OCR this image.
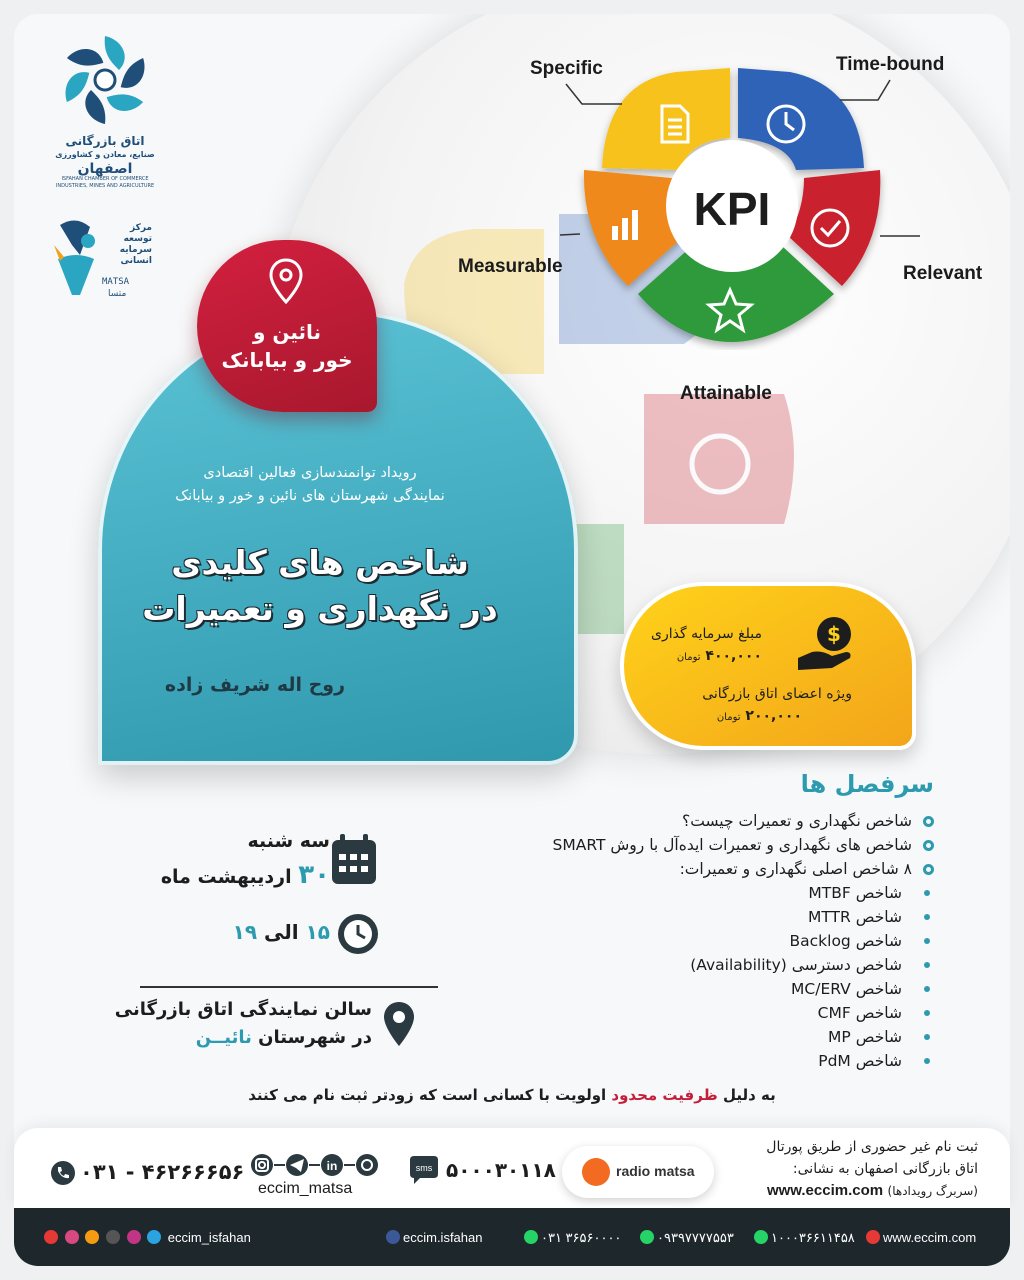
اتاق بازرگانی
صنایع، معادن و کشاورزی
اصفهان
ISFAHAN CHAMBER OF COMMERCE
INDUSTRIES, MINES AND AGRICULTURE
مرکز توسعه سرمایه انسانی
MATSA
متسا
KPI
Specific	Time-bound
Measurable	Relevant
Attainable
رویداد توانمندسازی فعالین اقتصادی
نمایندگی شهرستان های نائین و خور و بیابانک
شاخص های کلیدی
در نگهداری و تعمیرات
روح اله شریف زاده
نائین و
خور و بیابانک
مبلغ سرمایه گذاری
۴۰۰,۰۰۰ تومان
ویژه اعضای اتاق بازرگانی
۲۰۰,۰۰۰ تومان
$
سه شنبه
۳۰ اردیبهشت ماه
۱۵ الی ۱۹
سالن نمایندگی اتاق بازرگانی
در شهرستان نائیــن
سرفصل ها
شاخص نگهداری و تعمیرات چیست؟
شاخص های نگهداری و تعمیرات ایده‌آل با روش SMART
۸ شاخص اصلی نگهداری و تعمیرات:
شاخص MTBF
شاخص MTTR
شاخص Backlog
شاخص دسترسی (Availability)
شاخص MC/ERV
شاخص CMF
شاخص MP
شاخص PdM
به دلیل ظرفیت محدود اولویت با کسانی است که زودتر ثبت نام می کنند
ثبت نام غیر حضوری از طریق پورتال
اتاق بازرگانی اصفهان به نشانی:
(سربرگ رویدادها) www.eccim.com
radio matsa
sms ۵۰۰۰۳۰۱۱۸
in
eccim_matsa
۰۳۱ - ۴۶۲۶۶۶۵۶
eccim_isfahan	eccim.isfahan	۰۳۱ ۳۶۵۶۰۰۰۰	۰۹۳۹۷۷۷۷۵۵۳	۱۰۰۰۳۶۶۱۱۴۵۸	www.eccim.com
